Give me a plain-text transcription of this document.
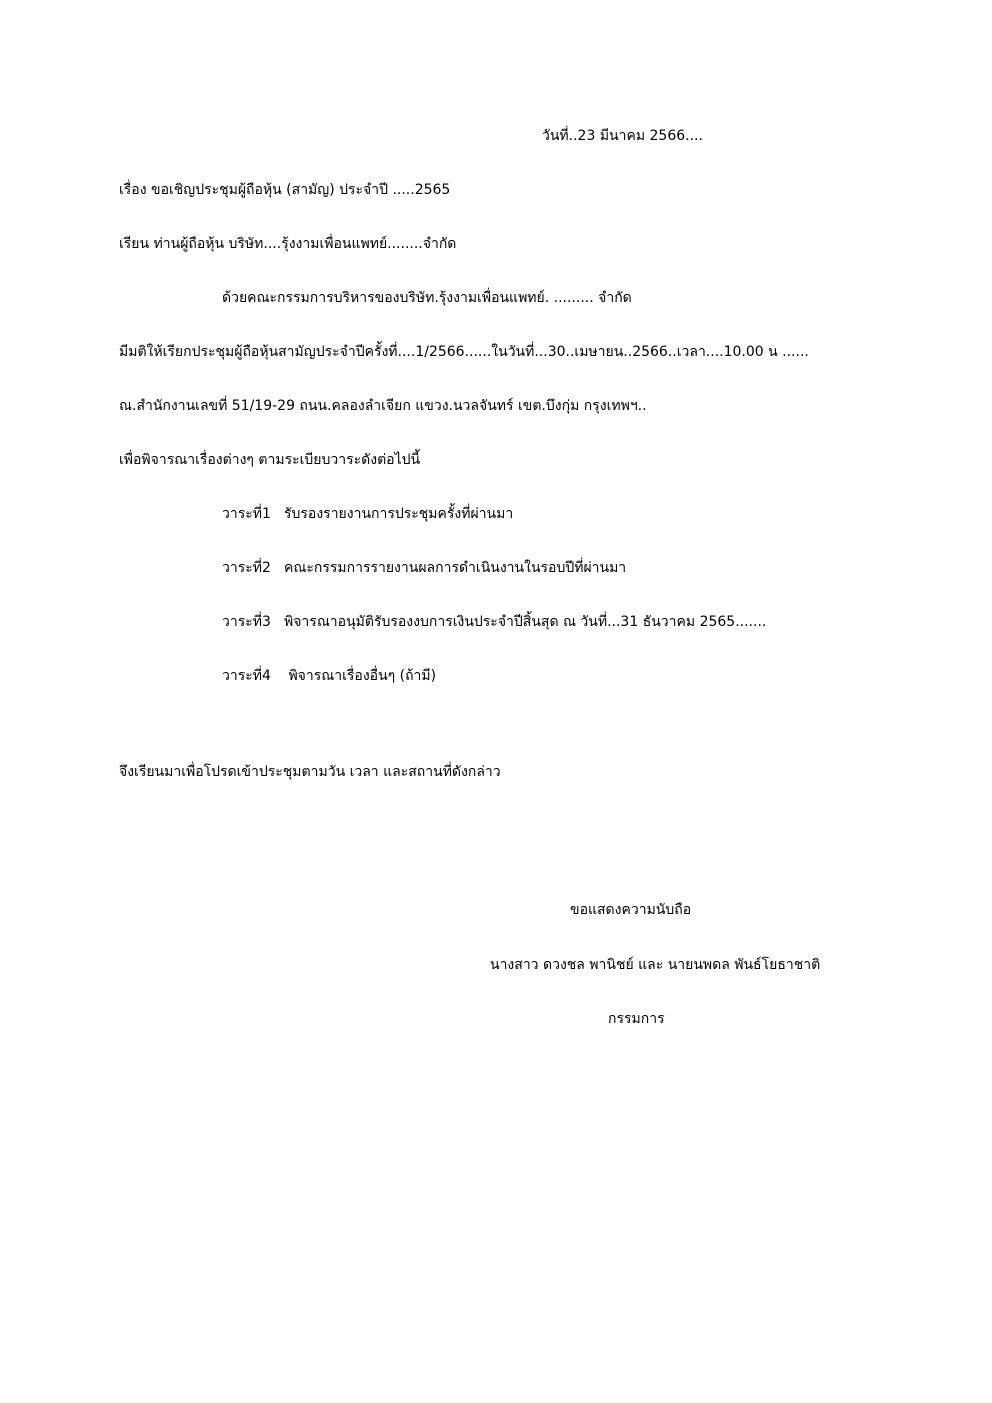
วันที่..23 มีนาคม 2566....
เรื่อง ขอเชิญประชุมผู้ถือหุ้น (สามัญ) ประจำปี .....2565
เรียน ท่านผู้ถือหุ้น บริษัท....รุ้งงามเพื่อนแพทย์........จำกัด
ด้วยคณะกรรมการบริหารของบริษัท.รุ้งงามเพื่อนแพทย์. ......... จำกัด
มีมติให้เรียกประชุมผู้ถือหุ้นสามัญประจำปีครั้งที่....1/2566......ในวันที่...30..เมษายน..2566..เวลา....10.00 น ......
ณ.สำนักงานเลขที่ 51/19-29 ถนน.คลองลำเจียก แขวง.นวลจันทร์ เขต.บึงกุ่ม กรุงเทพฯ..
เพื่อพิจารณาเรื่องต่างๆ ตามระเบียบวาระดังต่อไปนี้
วาระที่1 รับรองรายงานการประชุมครั้งที่ผ่านมา
วาระที่2 คณะกรรมการรายงานผลการดำเนินงานในรอบปีที่ผ่านมา
วาระที่3 พิจารณาอนุมัติรับรองงบการเงินประจำปีสิ้นสุด ณ วันที่...31 ธันวาคม 2565.......
วาระที่4 พิจารณาเรื่องอื่นๆ (ถ้ามี)
จึงเรียนมาเพื่อโปรดเข้าประชุมตามวัน เวลา และสถานที่ดังกล่าว
ขอแสดงความนับถือ
นางสาว ดวงชล พานิชย์ และ นายนพดล พันธ์โยธาชาติ
กรรมการ
